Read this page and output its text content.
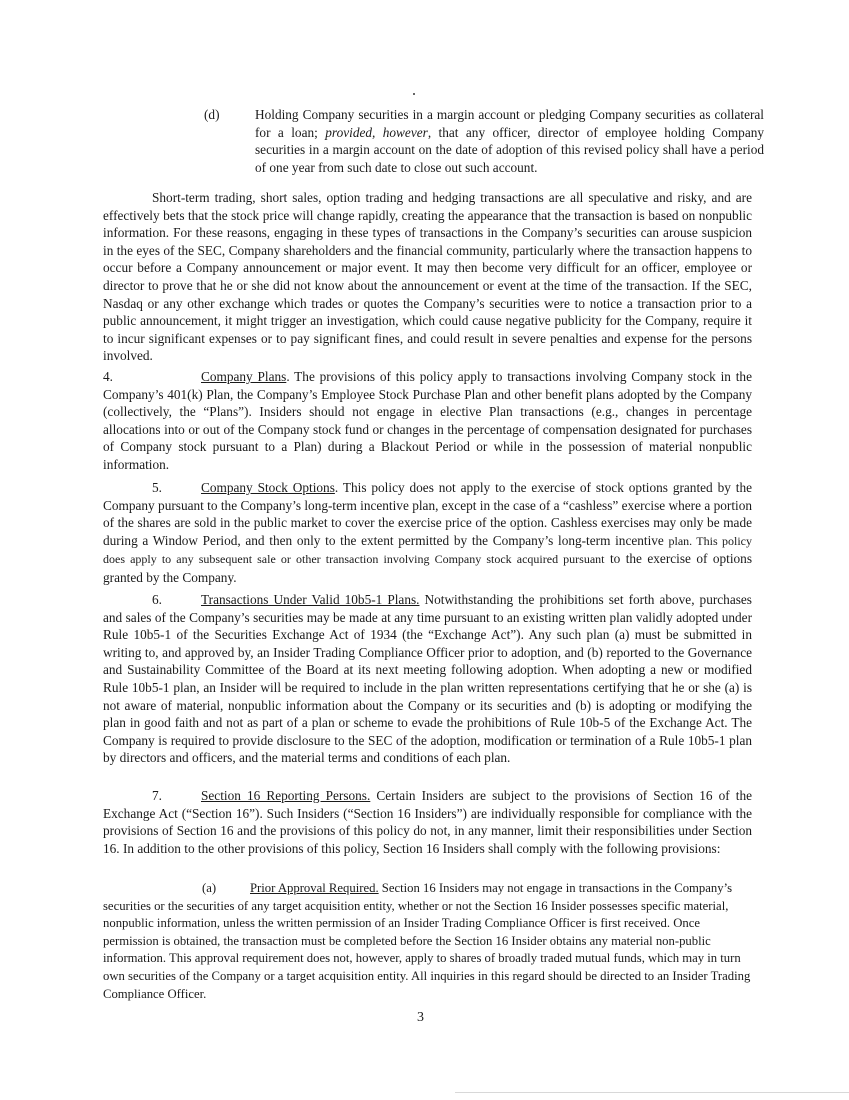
(d)	Holding Company securities in a margin account or pledging Company securities as collateral for a loan; provided, however, that any officer, director of employee holding Company securities in a margin account on the date of adoption of this revised policy shall have a period of one year from such date to close out such account.
Short-term trading, short sales, option trading and hedging transactions are all speculative and risky, and are effectively bets that the stock price will change rapidly, creating the appearance that the transaction is based on nonpublic information. For these reasons, engaging in these types of transactions in the Company’s securities can arouse suspicion in the eyes of the SEC, Company shareholders and the financial community, particularly where the transaction happens to occur before a Company announcement or major event. It may then become very difficult for an officer, employee or director to prove that he or she did not know about the announcement or event at the time of the transaction. If the SEC, Nasdaq or any other exchange which trades or quotes the Company’s securities were to notice a transaction prior to a public announcement, it might trigger an investigation, which could cause negative publicity for the Company, require it to incur significant expenses or to pay significant fines, and could result in severe penalties and expense for the persons involved.
4.	Company Plans. The provisions of this policy apply to transactions involving Company stock in the Company’s 401(k) Plan, the Company’s Employee Stock Purchase Plan and other benefit plans adopted by the Company (collectively, the “Plans”). Insiders should not engage in elective Plan transactions (e.g., changes in percentage allocations into or out of the Company stock fund or changes in the percentage of compensation designated for purchases of Company stock pursuant to a Plan) during a Blackout Period or while in the possession of material nonpublic information.
5.	Company Stock Options. This policy does not apply to the exercise of stock options granted by the Company pursuant to the Company’s long-term incentive plan, except in the case of a “cashless” exercise where a portion of the shares are sold in the public market to cover the exercise price of the option. Cashless exercises may only be made during a Window Period, and then only to the extent permitted by the Company’s long-term incentive plan. This policy does apply to any subsequent sale or other transaction involving Company stock acquired pursuant to the exercise of options granted by the Company.
6.	Transactions Under Valid 10b5-1 Plans. Notwithstanding the prohibitions set forth above, purchases and sales of the Company’s securities may be made at any time pursuant to an existing written plan validly adopted under Rule 10b5-1 of the Securities Exchange Act of 1934 (the “Exchange Act”). Any such plan (a) must be submitted in writing to, and approved by, an Insider Trading Compliance Officer prior to adoption, and (b) reported to the Governance and Sustainability Committee of the Board at its next meeting following adoption. When adopting a new or modified Rule 10b5-1 plan, an Insider will be required to include in the plan written representations certifying that he or she (a) is not aware of material, nonpublic information about the Company or its securities and (b) is adopting or modifying the plan in good faith and not as part of a plan or scheme to evade the prohibitions of Rule 10b-5 of the Exchange Act. The Company is required to provide disclosure to the SEC of the adoption, modification or termination of a Rule 10b5-1 plan by directors and officers, and the material terms and conditions of each plan.
7.	Section 16 Reporting Persons. Certain Insiders are subject to the provisions of Section 16 of the Exchange Act (“Section 16”). Such Insiders (“Section 16 Insiders”) are individually responsible for compliance with the provisions of Section 16 and the provisions of this policy do not, in any manner, limit their responsibilities under Section 16. In addition to the other provisions of this policy, Section 16 Insiders shall comply with the following provisions:
(a)	Prior Approval Required. Section 16 Insiders may not engage in transactions in the Company’s securities or the securities of any target acquisition entity, whether or not the Section 16 Insider possesses specific material, nonpublic information, unless the written permission of an Insider Trading Compliance Officer is first received. Once permission is obtained, the transaction must be completed before the Section 16 Insider obtains any material non-public information. This approval requirement does not, however, apply to shares of broadly traded mutual funds, which may in turn own securities of the Company or a target acquisition entity. All inquiries in this regard should be directed to an Insider Trading Compliance Officer.
3
